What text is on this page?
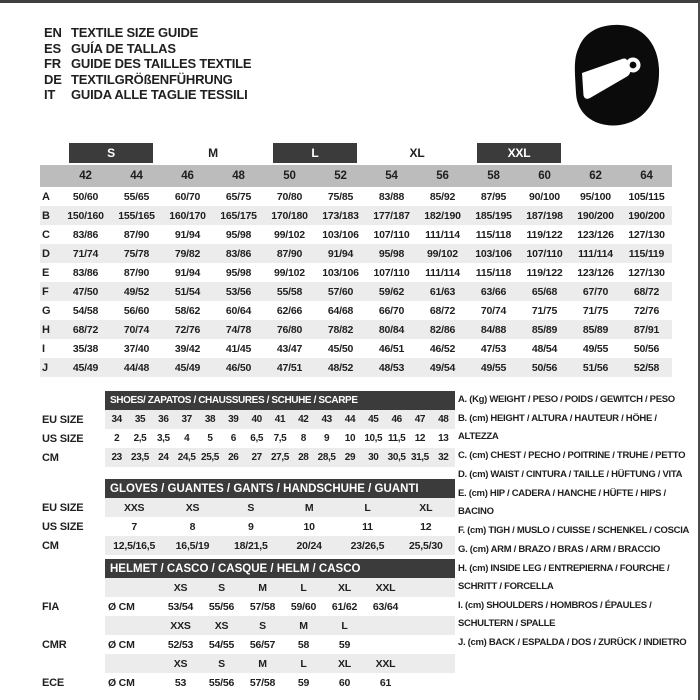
EN TEXTILE SIZE GUIDE
ES GUÍA DE TALLAS
FR GUIDE DES TAILLES TEXTILE
DE TEXTILGRÖßENFÜHRUNG
IT	GUIDA ALLE TAGLIE TESSILI

	S		M		L		XL		XXL			

	42	44	46	48	50	52	54	56	58	60	62	64
A	50/60	55/65	60/70	65/75	70/80	75/85	83/88	85/92	87/95	90/100	95/100	105/115
B	150/160	155/165	160/170	165/175	170/180	173/183	177/187	182/190	185/195	187/198	190/200	190/200
C	83/86	87/90	91/94	95/98	99/102	103/106	107/110	111/114	115/118	119/122	123/126	127/130
D	71/74	75/78	79/82	83/86	87/90	91/94	95/98	99/102	103/106	107/110	111/114	115/119
E	83/86	87/90	91/94	95/98	99/102	103/106	107/110	111/114	115/118	119/122	123/126	127/130
F	47/50	49/52	51/54	53/56	55/58	57/60	59/62	61/63	63/66	65/68	67/70	68/72
G	54/58	56/60	58/62	60/64	62/66	64/68	66/70	68/72	70/74	71/75	71/75	72/76
H	68/72	70/74	72/76	74/78	76/80	78/82	80/84	82/86	84/88	85/89	85/89	87/91
I	35/38	37/40	39/42	41/45	43/47	45/50	46/51	46/52	47/53	48/54	49/55	50/56
J	45/49	44/48	45/49	46/50	47/51	48/52	48/53	49/54	49/55	50/56	51/56	52/58
	SHOES/ ZAPATOS / CHAUSSURES / SCHUHE / SCARPE														
EU SIZE	34	35	36	37	38	39	40	41	42	43	44	45	46	47	48
US SIZE	2	2,5	3,5	4	5	6	6,5	7,5	8	9	10	10,5	11,5	12	13
CM	23	23,5	24	24,5	25,5	26	27	27,5	28	28,5	29	30	30,5	31,5	32
	GLOVES / GUANTES / GANTS / HANDSCHUHE / GUANTI					
EU SIZE	XXS	XS	S	M	L	XL
US SIZE	7	8	9	10	11	12
CM	12,5/16,5	16,5/19	18/21,5	20/24	23/26,5	25,5/30
	HELMET / CASCO / CASQUE / HELM / CASCO							
		XS	S	M	L	XL	XXL	
FIA	Ø CM	53/54	55/56	57/58	59/60	61/62	63/64	
		XXS	XS	S	M	L		
CMR	Ø CM	52/53	54/55	56/57	58	59		
		XS	S	M	L	XL	XXL	
ECE	Ø CM	53	55/56	57/58	59	60	61	
A. (Kg) WEIGHT / PESO / POIDS / GEWITCH / PESO
B. (cm) HEIGHT / ALTURA / HAUTEUR / HÖHE / ALTEZZA
C. (cm) CHEST / PECHO / POITRINE / TRUHE / PETTO
D. (cm) WAIST / CINTURA / TAILLE / HÜFTUNG / VITA
E. (cm) HIP / CADERA / HANCHE / HÜFTE / HIPS / BACINO
F. (cm) TIGH / MUSLO / CUISSE / SCHENKEL / COSCIA
G. (cm) ARM / BRAZO / BRAS / ARM / BRACCIO
H. (cm) INSIDE LEG / ENTREPIERNA / FOURCHE / SCHRITT / FORCELLA
I. (cm) SHOULDERS / HOMBROS / ÉPAULES / SCHULTERN / SPALLE
J. (cm) BACK / ESPALDA / DOS / ZURÜCK / INDIETRO
